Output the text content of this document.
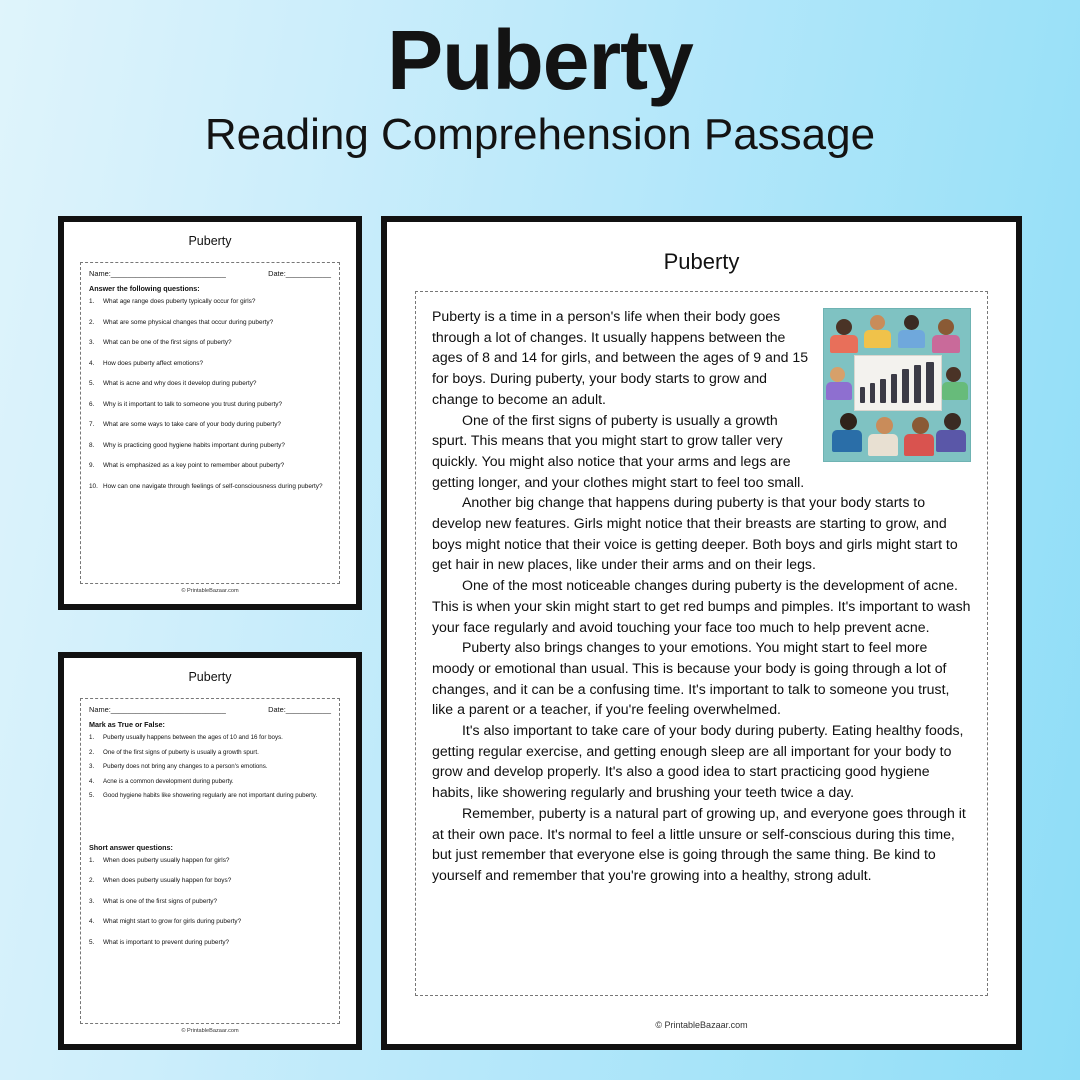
Puberty
Reading Comprehension Passage
Puberty
Name:____________________________	Date:___________
Answer the following questions:
1.	What age range does puberty typically occur for girls?
2.	What are some physical changes that occur during puberty?
3.	What can be one of the first signs of puberty?
4.	How does puberty affect emotions?
5.	What is acne and why does it develop during puberty?
6.	Why is it important to talk to someone you trust during puberty?
7.	What are some ways to take care of your body during puberty?
8.	Why is practicing good hygiene habits important during puberty?
9.	What is emphasized as a key point to remember about puberty?
10. How can one navigate through feelings of self-consciousness during puberty?
© PrintableBazaar.com
Puberty
Name:____________________________	Date:___________
Mark as True or False:
1.	Puberty usually happens between the ages of 10 and 16 for boys.
2.	One of the first signs of puberty is usually a growth spurt.
3.	Puberty does not bring any changes to a person's emotions.
4.	Acne is a common development during puberty.
5.	Good hygiene habits like showering regularly are not important during puberty.
Short answer questions:
1.	When does puberty usually happen for girls?
2.	When does puberty usually happen for boys?
3.	What is one of the first signs of puberty?
4.	What might start to grow for girls during puberty?
5.	What is important to prevent during puberty?
© PrintableBazaar.com
Puberty

Puberty is a time in a person's life when their body goes through a lot of changes. It usually happens between the ages of 8 and 14 for girls, and between the ages of 9 and 15 for boys. During puberty, your body starts to grow and change to become an adult.

One of the first signs of puberty is usually a growth spurt. This means that you might start to grow taller very quickly. You might also notice that your arms and legs are getting longer, and your clothes might start to feel too small.

Another big change that happens during puberty is that your body starts to develop new features. Girls might notice that their breasts are starting to grow, and boys might notice that their voice is getting deeper. Both boys and girls might start to get hair in new places, like under their arms and on their legs.

One of the most noticeable changes during puberty is the development of acne. This is when your skin might start to get red bumps and pimples. It's important to wash your face regularly and avoid touching your face too much to help prevent acne.

Puberty also brings changes to your emotions. You might start to feel more moody or emotional than usual. This is because your body is going through a lot of changes, and it can be a confusing time. It's important to talk to someone you trust, like a parent or a teacher, if you're feeling overwhelmed.

It's also important to take care of your body during puberty. Eating healthy foods, getting regular exercise, and getting enough sleep are all important for your body to grow and develop properly. It's also a good idea to start practicing good hygiene habits, like showering regularly and brushing your teeth twice a day.

Remember, puberty is a natural part of growing up, and everyone goes through it at their own pace. It's normal to feel a little unsure or self-conscious during this time, but just remember that everyone else is going through the same thing. Be kind to yourself and remember that you're growing into a healthy, strong adult.

© PrintableBazaar.com
